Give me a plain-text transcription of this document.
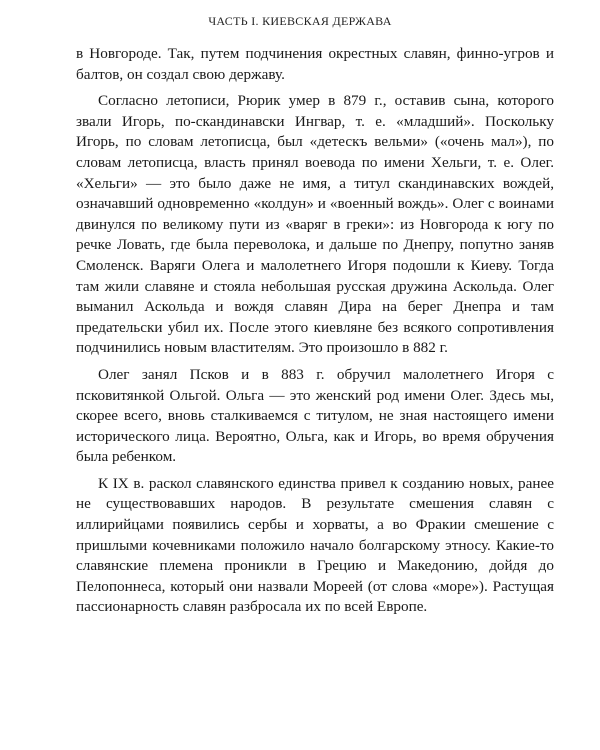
ЧАСТЬ I. КИЕВСКАЯ ДЕРЖАВА

в Новгороде. Так, путем подчинения окрестных славян, финно-угров и балтов, он создал свою державу.

Согласно летописи, Рюрик умер в 879 г., оставив сына, которого звали Игорь, по-скандинавски Ингвар, т. е. «младший». Поскольку Игорь, по словам летописца, был «детескъ вельми» («очень мал»), по словам летописца, власть принял воевода по имени Хельги, т. е. Олег. «Хельги» — это было даже не имя, а титул скандинавских вождей, означавший одновременно «колдун» и «военный вождь». Олег с воинами двинулся по великому пути из «варяг в греки»: из Новгорода к югу по речке Ловать, где была переволока, и дальше по Днепру, попутно заняв Смоленск. Варяги Олега и малолетнего Игоря подошли к Киеву. Тогда там жили славяне и стояла небольшая русская дружина Аскольда. Олег выманил Аскольда и вождя славян Дира на берег Днепра и там предательски убил их. После этого киевляне без всякого сопротивления подчинились новым властителям. Это произошло в 882 г.

Олег занял Псков и в 883 г. обручил малолетнего Игоря с псковитянкой Ольгой. Ольга — это женский род имени Олег. Здесь мы, скорее всего, вновь сталкиваемся с титулом, не зная настоящего имени исторического лица. Вероятно, Ольга, как и Игорь, во время обручения была ребенком.

К IX в. раскол славянского единства привел к созданию новых, ранее не существовавших народов. В результате смешения славян с иллирийцами появились сербы и хорваты, а во Фракии смешение с пришлыми кочевниками положило начало болгарскому этносу. Какие-то славянские племена проникли в Грецию и Македонию, дойдя до Пелопоннеса, который они назвали Мореей (от слова «море»). Растущая пассионарность славян разбросала их по всей Европе.
